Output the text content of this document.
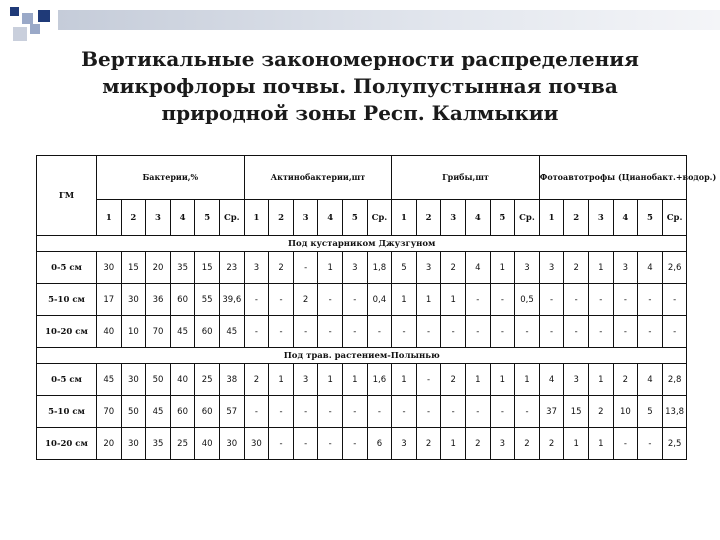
Вертикальные закономерности распределения микрофлоры почвы. Полупустынная почва природной зоны Респ. Калмыкии
ГМ	Бактерии,%						Актинобактерии,шт						Грибы,шт						Фотоавтотрофы (Цианобакт.+водор.)					
	1	2	3	4	5	Ср.	1	2	3	4	5	Ср.	1	2	3	4	5	Ср.	1	2	3	4	5	Ср.
Под кустарником Джузгуном																								
0-5 см	30	15	20	35	15	23	3	2	-	1	3	1,8	5	3	2	4	1	3	3	2	1	3	4	2,6
5-10 см	17	30	36	60	55	39,6	-	-	2	-	-	0,4	1	1	1	-	-	0,5	-	-	-	-	-	-
10-20 см	40	10	70	45	60	45	-	-	-	-	-	-	-	-	-	-	-	-	-	-	-	-	-	-
Под трав. растением-Полынью																								
0-5 см	45	30	50	40	25	38	2	1	3	1	1	1,6	1	-	2	1	1	1	4	3	1	2	4	2,8
5-10 см	70	50	45	60	60	57	-	-	-	-	-	-	-	-	-	-	-	-	37	15	2	10	5	13,8
10-20 см	20	30	35	25	40	30	30	-	-	-	-	6	3	2	1	2	3	2	2	1	1	-	-	2,5
